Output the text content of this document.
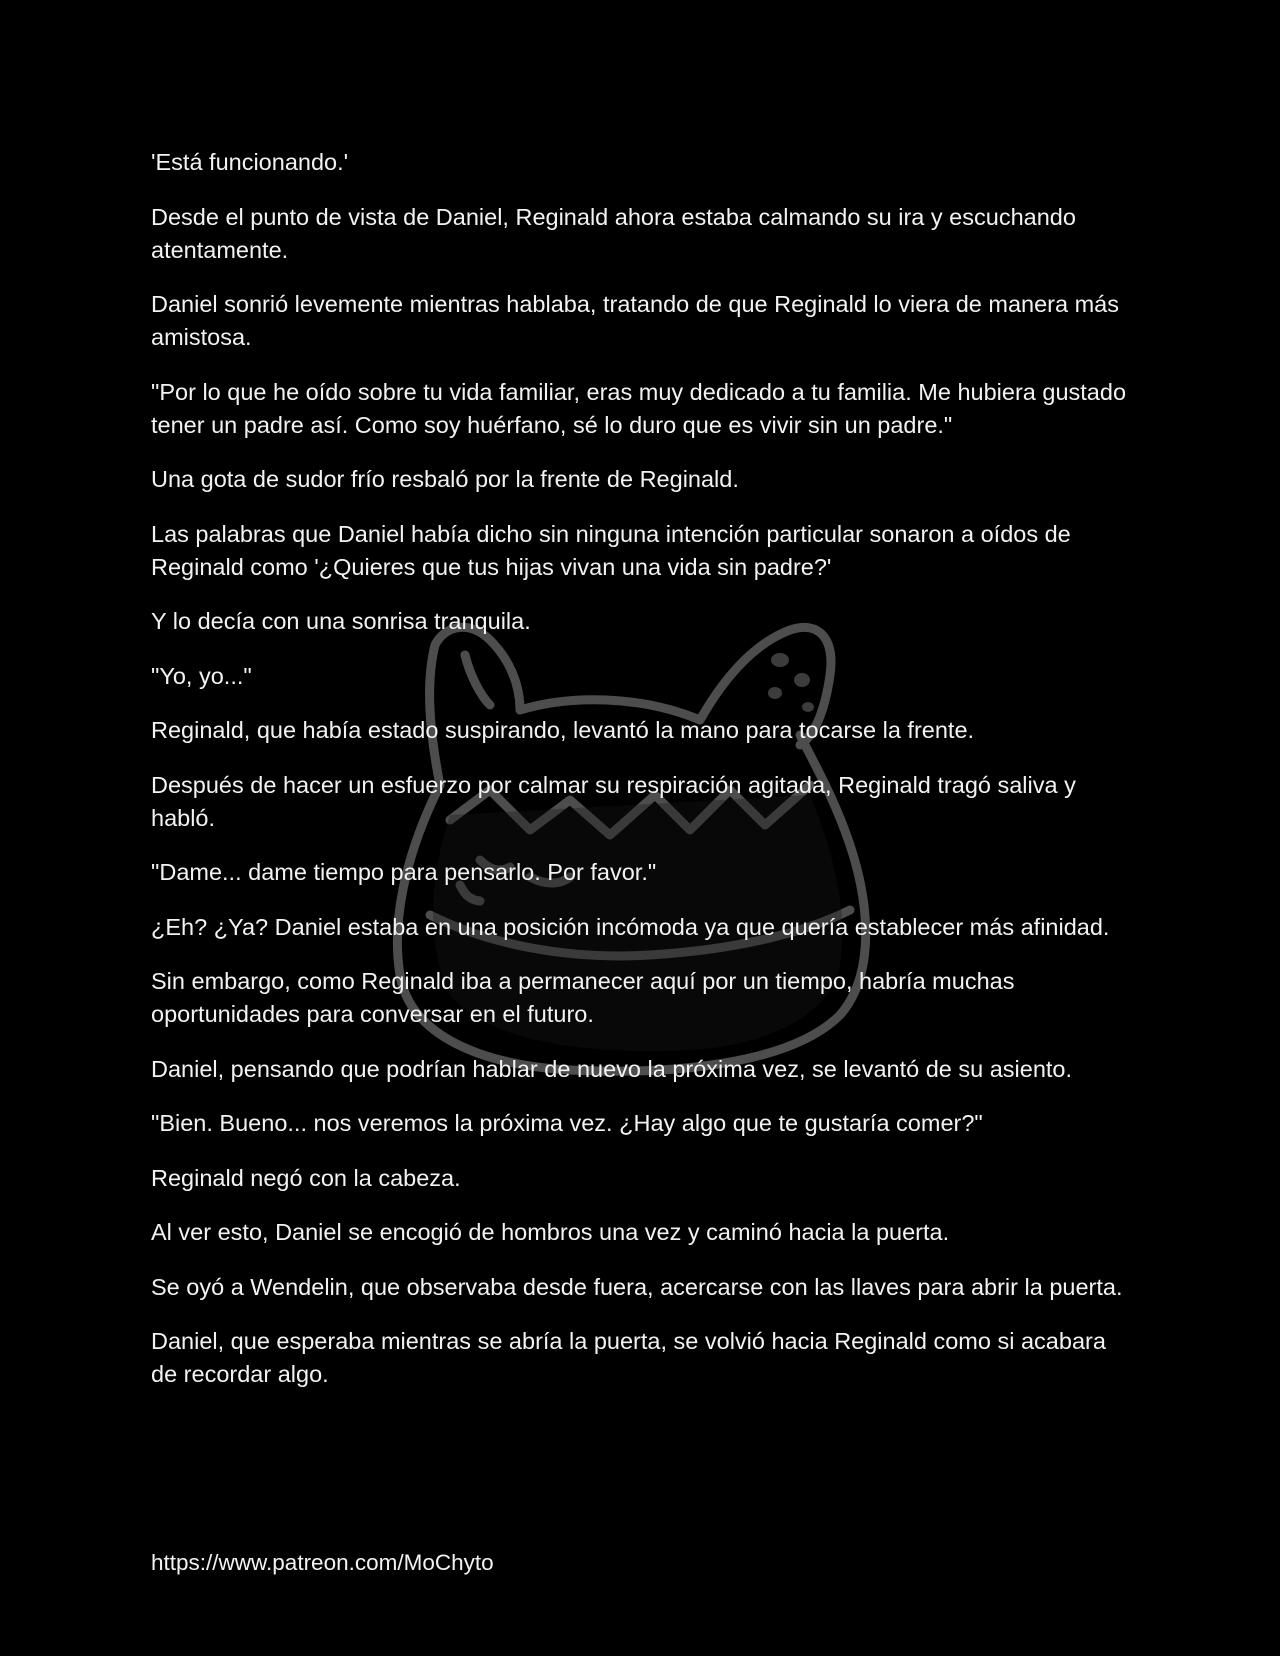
'Está funcionando.'

Desde el punto de vista de Daniel, Reginald ahora estaba calmando su ira y escuchando atentamente.

Daniel sonrió levemente mientras hablaba, tratando de que Reginald lo viera de manera más amistosa.

"Por lo que he oído sobre tu vida familiar, eras muy dedicado a tu familia. Me hubiera gustado tener un padre así. Como soy huérfano, sé lo duro que es vivir sin un padre."

Una gota de sudor frío resbaló por la frente de Reginald.

Las palabras que Daniel había dicho sin ninguna intención particular sonaron a oídos de Reginald como '¿Quieres que tus hijas vivan una vida sin padre?'

Y lo decía con una sonrisa tranquila.

"Yo, yo..."

Reginald, que había estado suspirando, levantó la mano para tocarse la frente.

Después de hacer un esfuerzo por calmar su respiración agitada, Reginald tragó saliva y habló.

"Dame... dame tiempo para pensarlo. Por favor."

¿Eh? ¿Ya? Daniel estaba en una posición incómoda ya que quería establecer más afinidad.

Sin embargo, como Reginald iba a permanecer aquí por un tiempo, habría muchas oportunidades para conversar en el futuro.

Daniel, pensando que podrían hablar de nuevo la próxima vez, se levantó de su asiento.

"Bien. Bueno... nos veremos la próxima vez. ¿Hay algo que te gustaría comer?"

Reginald negó con la cabeza.

Al ver esto, Daniel se encogió de hombros una vez y caminó hacia la puerta.

Se oyó a Wendelin, que observaba desde fuera, acercarse con las llaves para abrir la puerta.

Daniel, que esperaba mientras se abría la puerta, se volvió hacia Reginald como si acabara de recordar algo.

https://www.patreon.com/MoChyto
